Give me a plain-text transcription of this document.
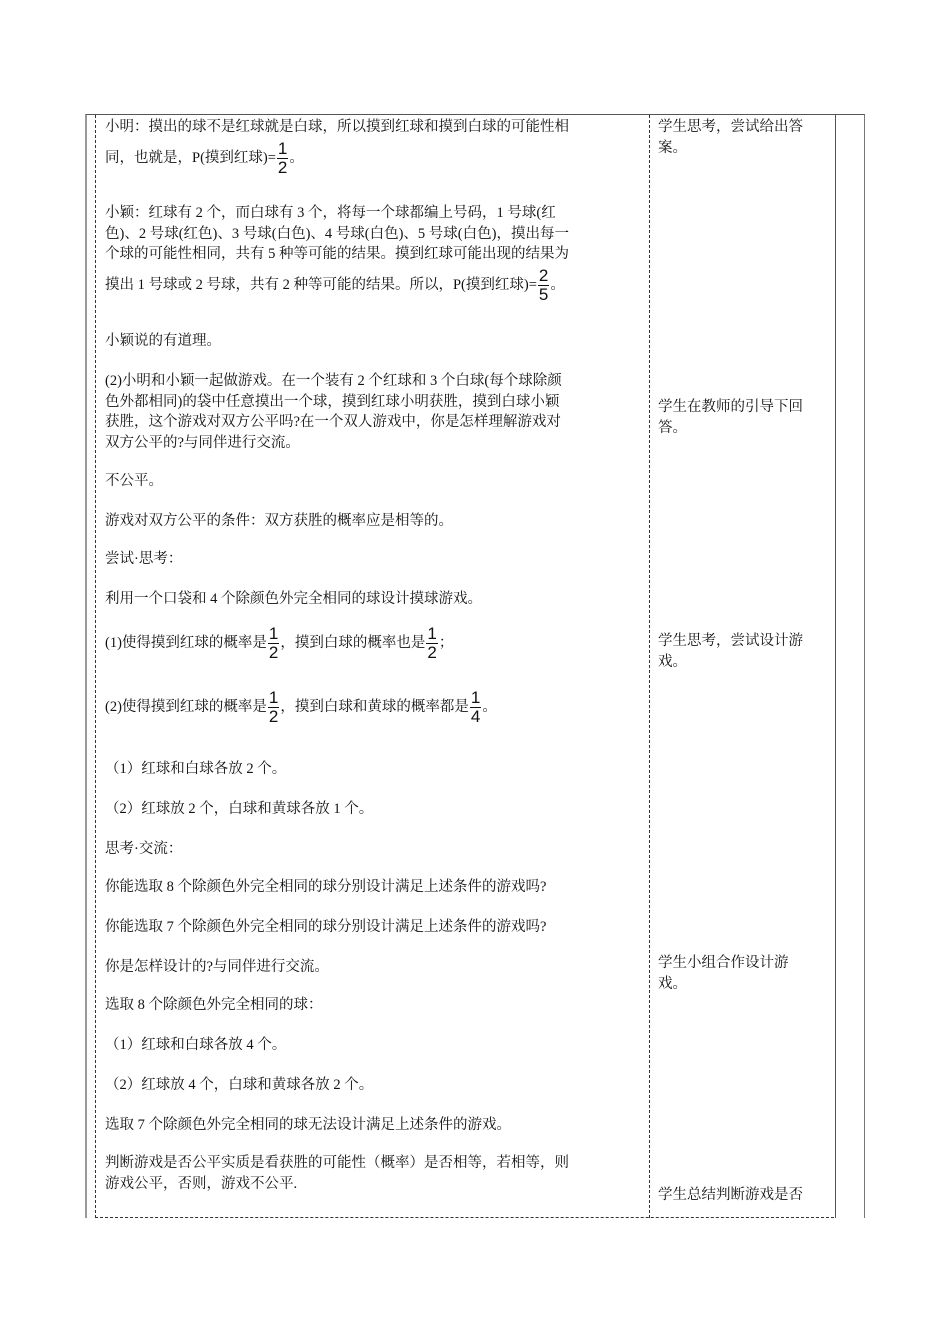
小明：摸出的球不是红球就是白球，所以摸到红球和摸到白球的可能性相
同，也就是，P(摸到红球)= $\frac{1}{2}$ 。
小颖：红球有 2 个，而白球有 3 个，将每一个球都编上号码，1 号球(红
色)、2 号球(红色)、3 号球(白色)、4 号球(白色)、5 号球(白色)，摸出每一
个球的可能性相同，共有 5 种等可能的结果。摸到红球可能出现的结果为
摸出 1 号球或 2 号球，共有 2 种等可能的结果。所以，P(摸到红球)= $\frac{2}{5}$ 。
小颖说的有道理。
(2)小明和小颖一起做游戏。在一个装有 2 个红球和 3 个白球(每个球除颜
色外都相同)的袋中任意摸出一个球，摸到红球小明获胜，摸到白球小颖
获胜，这个游戏对双方公平吗?在一个双人游戏中，你是怎样理解游戏对
双方公平的?与同伴进行交流。
不公平。
游戏对双方公平的条件：双方获胜的概率应是相等的。
尝试·思考：
利用一个口袋和 4 个除颜色外完全相同的球设计摸球游戏。
(1)使得摸到红球的概率是 $\frac{1}{2}$ ，摸到白球的概率也是 $\frac{1}{2}$ ；
(2)使得摸到红球的概率是 $\frac{1}{2}$ ，摸到白球和黄球的概率都是 $\frac{1}{4}$ 。
（1）红球和白球各放 2 个。
（2）红球放 2 个，白球和黄球各放 1 个。
思考·交流：
你能选取 8 个除颜色外完全相同的球分别设计满足上述条件的游戏吗?
你能选取 7 个除颜色外完全相同的球分别设计满足上述条件的游戏吗?
你是怎样设计的?与同伴进行交流。
选取 8 个除颜色外完全相同的球：
（1）红球和白球各放 4 个。
（2）红球放 4 个，白球和黄球各放 2 个。
选取 7 个除颜色外完全相同的球无法设计满足上述条件的游戏。
判断游戏是否公平实质是看获胜的可能性（概率）是否相等，若相等，则
游戏公平，否则，游戏不公平.
学生思考，尝试给出答
案。
学生在教师的引导下回
答。
学生思考，尝试设计游
戏。
学生小组合作设计游
戏。
学生总结判断游戏是否
